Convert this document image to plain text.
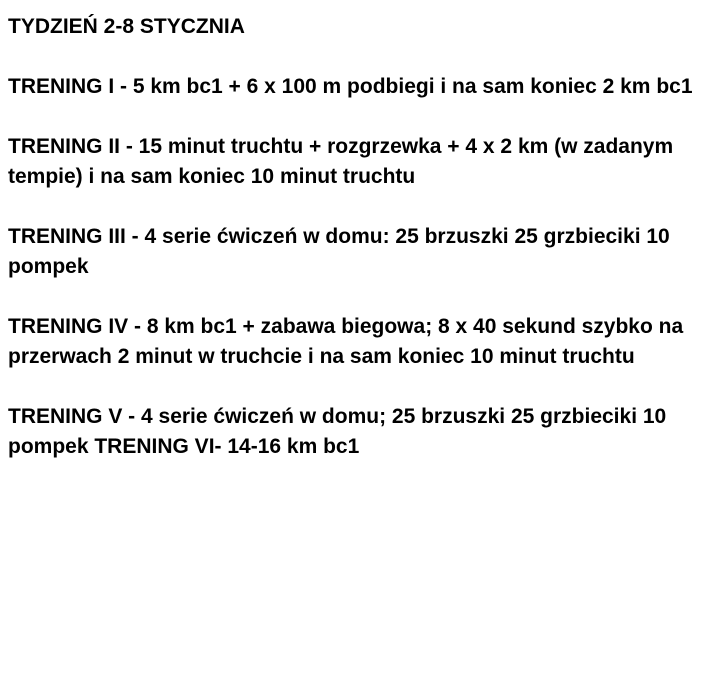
TYDZIEŃ 2-8 STYCZNIA
TRENING I - 5 km bc1 + 6 x 100 m podbiegi i na sam koniec 2 km bc1
TRENING II - 15 minut truchtu + rozgrzewka + 4 x 2 km (w zadanym tempie) i na sam koniec 10 minut truchtu
TRENING III - 4 serie ćwiczeń w domu: 25 brzuszki 25 grzbieciki 10 pompek
TRENING IV - 8 km bc1 + zabawa biegowa; 8 x 40 sekund szybko na przerwach 2 minut w truchcie i na sam koniec 10 minut truchtu
TRENING V - 4 serie ćwiczeń w domu; 25 brzuszki 25 grzbieciki 10 pompek TRENING VI- 14-16 km bc1
